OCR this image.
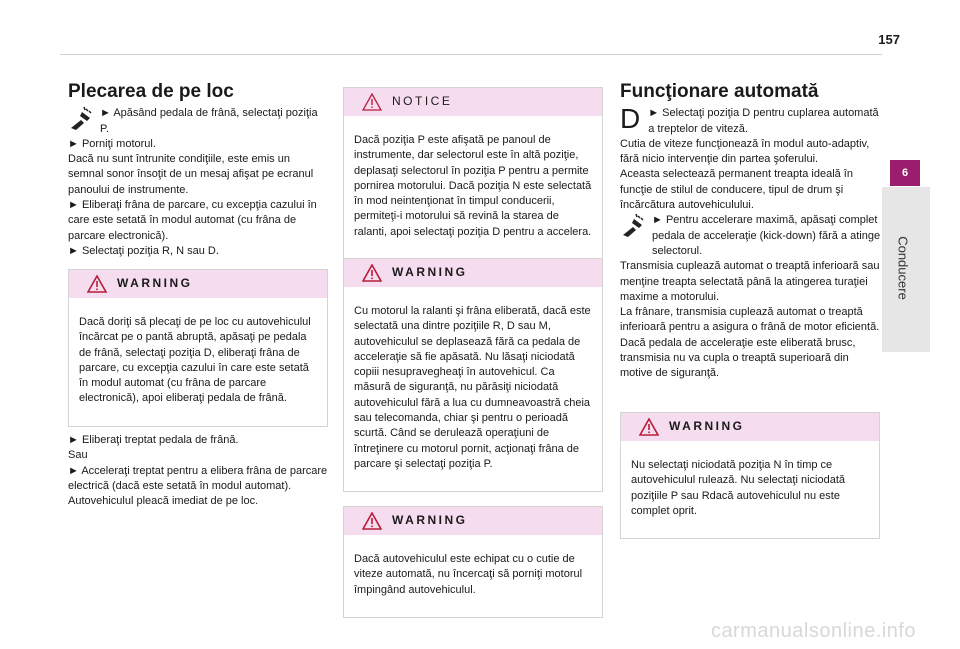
157
6
Conducere
Plecarea de pe loc

► Apăsând pedala de frână, selectaţi poziţia P.

► Porniţi motorul.

Dacă nu sunt întrunite condiţiile, este emis un semnal sonor însoţit de un mesaj afişat pe ecranul panoului de instrumente.

► Eliberaţi frâna de parcare, cu excepţia cazului în care este setată în modul automat (cu frâna de parcare electronică).

► Selectaţi poziţia R, N sau D.

WARNING

Dacă doriţi să plecaţi de pe loc cu autovehiculul încărcat pe o pantă abruptă, apăsaţi pe pedala de frână, selectaţi poziţia D, eliberaţi frâna de parcare, cu excepţia cazului în care este setată în modul automat (cu frâna de parcare electronică), apoi eliberaţi pedala de frână.

► Eliberaţi treptat pedala de frână.

Sau

► Acceleraţi treptat pentru a elibera frâna de parcare electrică (dacă este setată în modul automat).

Autovehiculul pleacă imediat de pe loc.

NOTICE

Dacă poziţia P este afişată pe panoul de instrumente, dar selectorul este în altă poziţie, deplasaţi selectorul în poziţia P pentru a permite pornirea motorului. Dacă poziţia N este selectată în mod neintenţionat în timpul conducerii, permiteţi-i motorului să revină la starea de ralanti, apoi selectaţi poziţia D pentru a accelera.

WARNING

Cu motorul la ralanti şi frâna eliberată, dacă este selectată una dintre poziţiile R, D sau M, autovehiculul se deplasează fără ca pedala de acceleraţie să fie apăsată. Nu lăsaţi niciodată copiii nesupravegheaţi în autovehicul. Ca măsură de siguranţă, nu părăsiţi niciodată autovehiculul fără a lua cu dumneavoastră cheia sau telecomanda, chiar şi pentru o perioadă scurtă. Când se derulează operaţiuni de întreţinere cu motorul pornit, acţionaţi frâna de parcare şi selectaţi poziţia P.

WARNING

Dacă autovehiculul este echipat cu o cutie de viteze automată, nu încercaţi să porniţi motorul împingând autovehiculul.

Funcţionare automată
D ► Selectaţi poziţia D pentru cuplarea automată a treptelor de viteză.

Cutia de viteze funcţionează în modul auto-adaptiv, fără nicio intervenţie din partea şoferului.

Aceasta selectează permanent treapta ideală în funcţie de stilul de conducere, tipul de drum şi încărcătura autovehiculului.

► Pentru accelerare maximă, apăsaţi complet pedala de acceleraţie (kick-down) fără a atinge selectorul.

Transmisia cuplează automat o treaptă inferioară sau menţine treapta selectată până la atingerea turaţiei maxime a motorului.

La frânare, transmisia cuplează automat o treaptă inferioară pentru a asigura o frână de motor eficientă.

Dacă pedala de acceleraţie este eliberată brusc, transmisia nu va cupla o treaptă superioară din motive de siguranţă.

WARNING

Nu selectaţi niciodată poziţia N în timp ce autovehiculul rulează. Nu selectaţi niciodată poziţiile P sau Rdacă autovehiculul nu este complet oprit.

carmanualsonline.info
